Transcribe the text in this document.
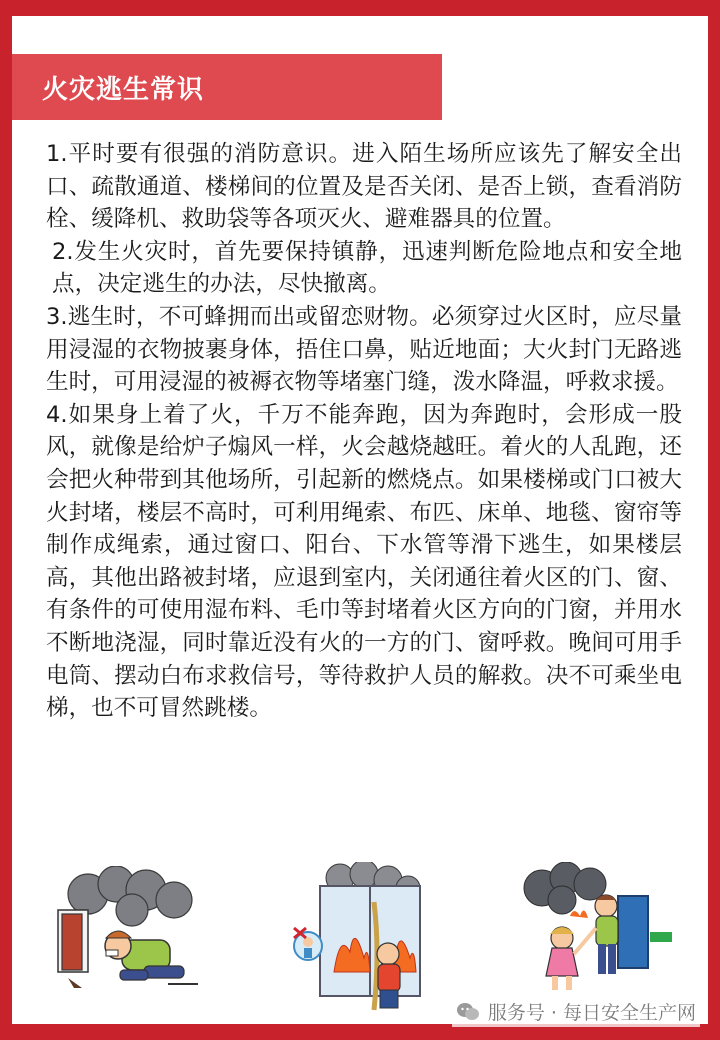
火灾逃生常识

1.平时要有很强的消防意识。进入陌生场所应该先了解安全出口、疏散通道、楼梯间的位置及是否关闭、是否上锁，查看消防栓、缓降机、救助袋等各项灭火、避难器具的位置。

2.发生火灾时，首先要保持镇静，迅速判断危险地点和安全地点，决定逃生的办法，尽快撤离。

3.逃生时，不可蜂拥而出或留恋财物。必须穿过火区时，应尽量用浸湿的衣物披裹身体，捂住口鼻，贴近地面；大火封门无路逃生时，可用浸湿的被褥衣物等堵塞门缝，泼水降温，呼救求援。

4.如果身上着了火，千万不能奔跑，因为奔跑时，会形成一股风，就像是给炉子煽风一样，火会越烧越旺。着火的人乱跑，还会把火种带到其他场所，引起新的燃烧点。如果楼梯或门口被大火封堵，楼层不高时，可利用绳索、布匹、床单、地毯、窗帘等制作成绳索，通过窗口、阳台、下水管等滑下逃生，如果楼层高，其他出路被封堵，应退到室内，关闭通往着火区的门、窗、有条件的可使用湿布料、毛巾等封堵着火区方向的门窗，并用水不断地浇湿，同时靠近没有火的一方的门、窗呼救。晚间可用手电筒、摆动白布求救信号，等待救护人员的解救。决不可乘坐电梯，也不可冒然跳楼。

服务号 · 每日安全生产网
